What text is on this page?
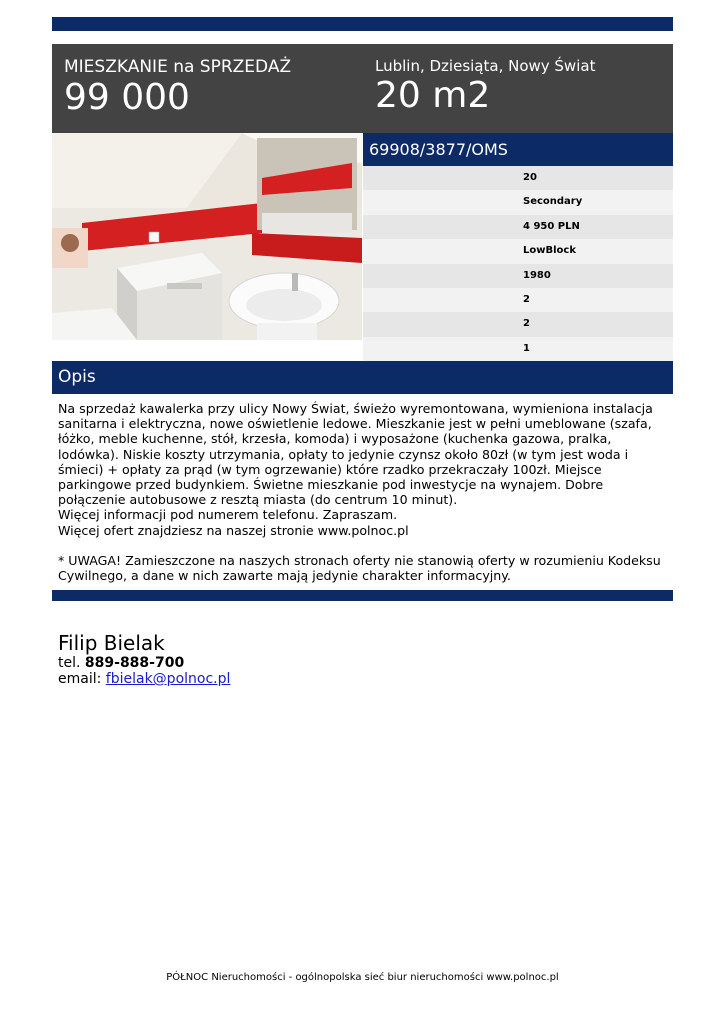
MIESZKANIE na SPRZEDAŻ
99 000
Lublin, Dziesiąta, Nowy Świat
20 m2
69908/3877/OMS
20
Secondary
4 950 PLN
LowBlock
1980
2
2
1
Opis

Na sprzedaż kawalerka przy ulicy Nowy Świat, świeżo wyremontowana, wymieniona instalacja sanitarna i elektryczna, nowe oświetlenie ledowe. Mieszkanie jest w pełni umeblowane (szafa, łóżko, meble kuchenne, stół, krzesła, komoda) i wyposażone (kuchenka gazowa, pralka, lodówka). Niskie koszty utrzymania, opłaty to jedynie czynsz około 80zł (w tym jest woda i śmieci) + opłaty za prąd (w tym ogrzewanie) które rzadko przekraczały 100zł. Miejsce parkingowe przed budynkiem. Świetne mieszkanie pod inwestycje na wynajem. Dobre połączenie autobusowe z resztą miasta (do centrum 10 minut).
Więcej informacji pod numerem telefonu. Zapraszam.
Więcej ofert znajdziesz na naszej stronie www.polnoc.pl

* UWAGA! Zamieszczone na naszych stronach oferty nie stanowią oferty w rozumieniu Kodeksu Cywilnego, a dane w nich zawarte mają jedynie charakter informacyjny.

Filip Bielak
tel. 889-888-700
email: fbielak@polnoc.pl
PÓŁNOC Nieruchomości - ogólnopolska sieć biur nieruchomości www.polnoc.pl
